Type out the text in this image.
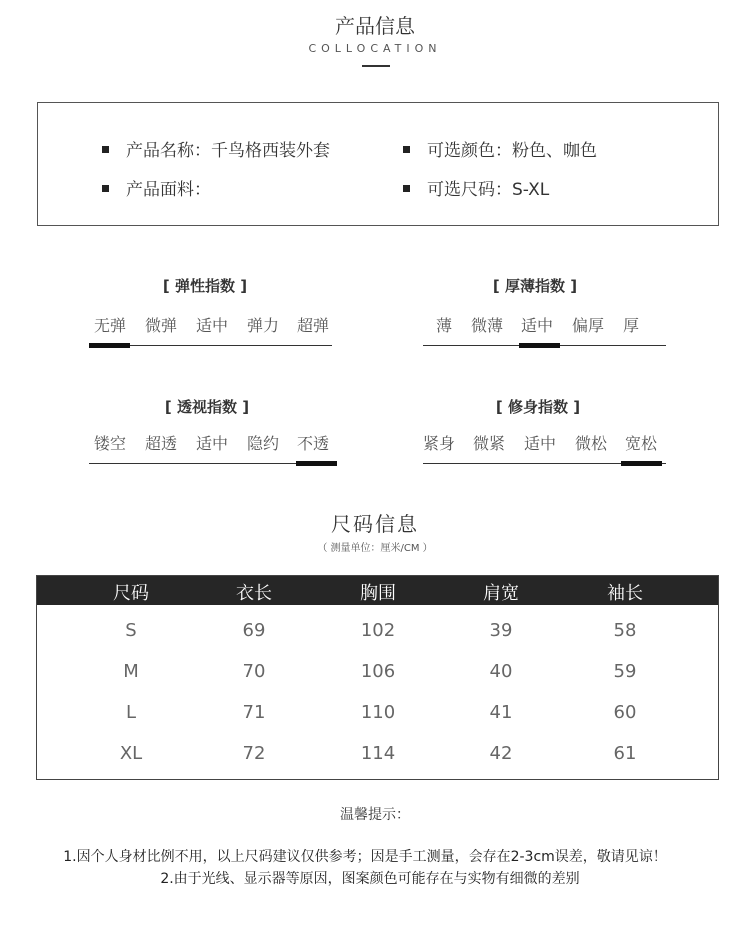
产品信息
COLLOCATION
产品名称：千鸟格西装外套
产品面料：
可选颜色：粉色、咖色
可选尺码：S-XL
[ 弹性指数 ]
无弹 微弹 适中 弹力 超弹
[ 厚薄指数 ]
薄 微薄 适中 偏厚 厚
[ 透视指数 ]
镂空 超透 适中 隐约 不透
[ 修身指数 ]
紧身 微紧 适中 微松 宽松
尺码信息
（ 测量单位：厘米/CM ）
尺码	衣长	胸围	肩宽	袖长
S	69	102	39	58
M	70	106	40	59
L	71	110	41	60
XL	72	114	42	61
温馨提示：
1.因个人身材比例不用，以上尺码建议仅供参考；因是手工测量，会存在2-3cm误差，敬请见谅！
2.由于光线、显示器等原因，图案颜色可能存在与实物有细微的差别
